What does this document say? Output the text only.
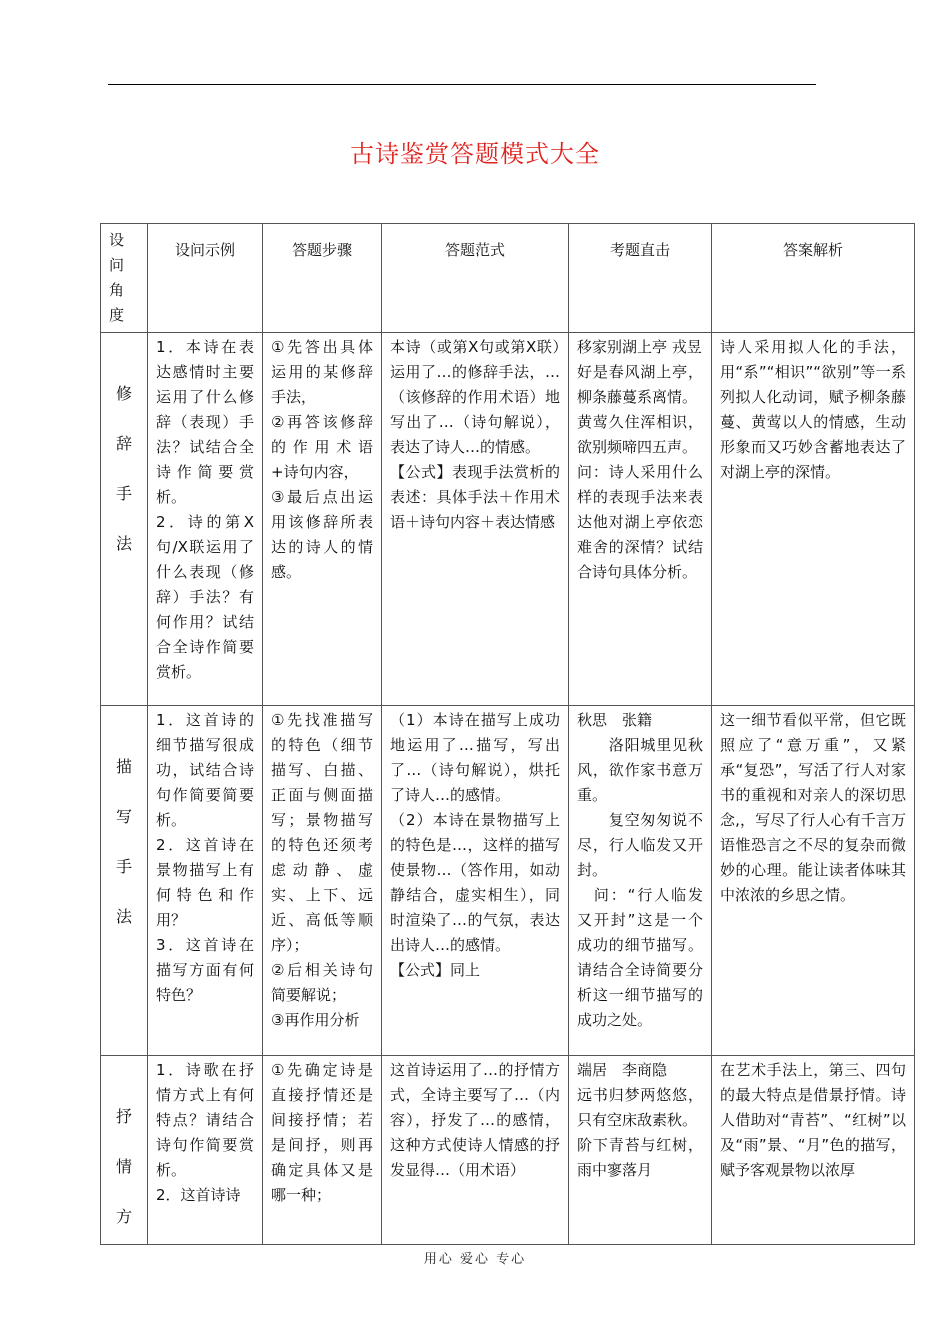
古诗鉴赏答题模式大全
设
问
角
度	设问示例	答题步骤	答题范式	考题直击	答案解析
修
辞
手
法	1．本诗在表达感情时主要运用了什么修辞（表现）手法？试结合全诗作简要赏析。
2．诗的第X句/X联运用了什么表现（修辞）手法？有何作用？试结合全诗作简要赏析。	①先答出具体运用的某修辞手法，
②再答该修辞的作用术语+诗句内容，
③最后点出运用该修辞所表达的诗人的情感。	本诗（或第X句或第X联）运用了…的修辞手法，…（该修辞的作用术语）地写出了…（诗句解说），表达了诗人…的情感。
【公式】表现手法赏析的表述：具体手法＋作用术语＋诗句内容＋表达情感	移家别湖上亭 戎昱
好是春风湖上亭，柳条藤蔓系离情。
黄莺久住浑相识，欲别频啼四五声。
问：诗人采用什么样的表现手法来表达他对湖上亭依恋难舍的深情？试结合诗句具体分析。	诗人采用拟人化的手法，用“系”“相识”“欲别”等一系列拟人化动词，赋予柳条藤蔓、黄莺以人的情感，生动形象而又巧妙含蓄地表达了对湖上亭的深情。
描
写
手
法	1．这首诗的细节描写很成功，试结合诗句作简要简要析。
2．这首诗在景物描写上有何特色和作用？
3．这首诗在描写方面有何特色？	①先找准描写的特色（细节描写、白描、正面与侧面描写；景物描写的特色还须考虑动静、虚实、上下、远近、高低等顺序）；
②后相关诗句简要解说；
③再作用分析	（1）本诗在描写上成功地运用了…描写，写出了…（诗句解说），烘托了诗人…的感情。
（2）本诗在景物描写上的特色是…，这样的描写使景物…（答作用，如动静结合，虚实相生），同时渲染了…的气氛，表达出诗人…的感情。
【公式】同上	秋思　张籍
　　洛阳城里见秋风，欲作家书意万重。
　　复空匆匆说不尽，行人临发又开封。
　问：“行人临发又开封”这是一个成功的细节描写。请结合全诗简要分析这一细节描写的成功之处。	这一细节看似平常，但它既照应了“意万重”，又紧承“复恐”，写活了行人对家书的重视和对亲人的深切思念,，写尽了行人心有千言万语惟恐言之不尽的复杂而微妙的心理。能让读者体味其中浓浓的乡思之情。
抒
情
方	1．诗歌在抒情方式上有何特点？请结合诗句作简要赏析。
2．这首诗诗	①先确定诗是直接抒情还是间接抒情；若是间抒，则再确定具体又是哪一种；	这首诗运用了…的抒情方式，全诗主要写了…（内容），抒发了…的感情，这种方式使诗人情感的抒发显得…（用术语）	端居　李商隐
远书归梦两悠悠，只有空床敌素秋。
阶下青苔与红树，雨中寥落月	在艺术手法上，第三、四句的最大特点是借景抒情。诗人借助对“青苔”、“红树”以及“雨”景、“月”色的描写，赋予客观景物以浓厚
用心 爱心 专心
